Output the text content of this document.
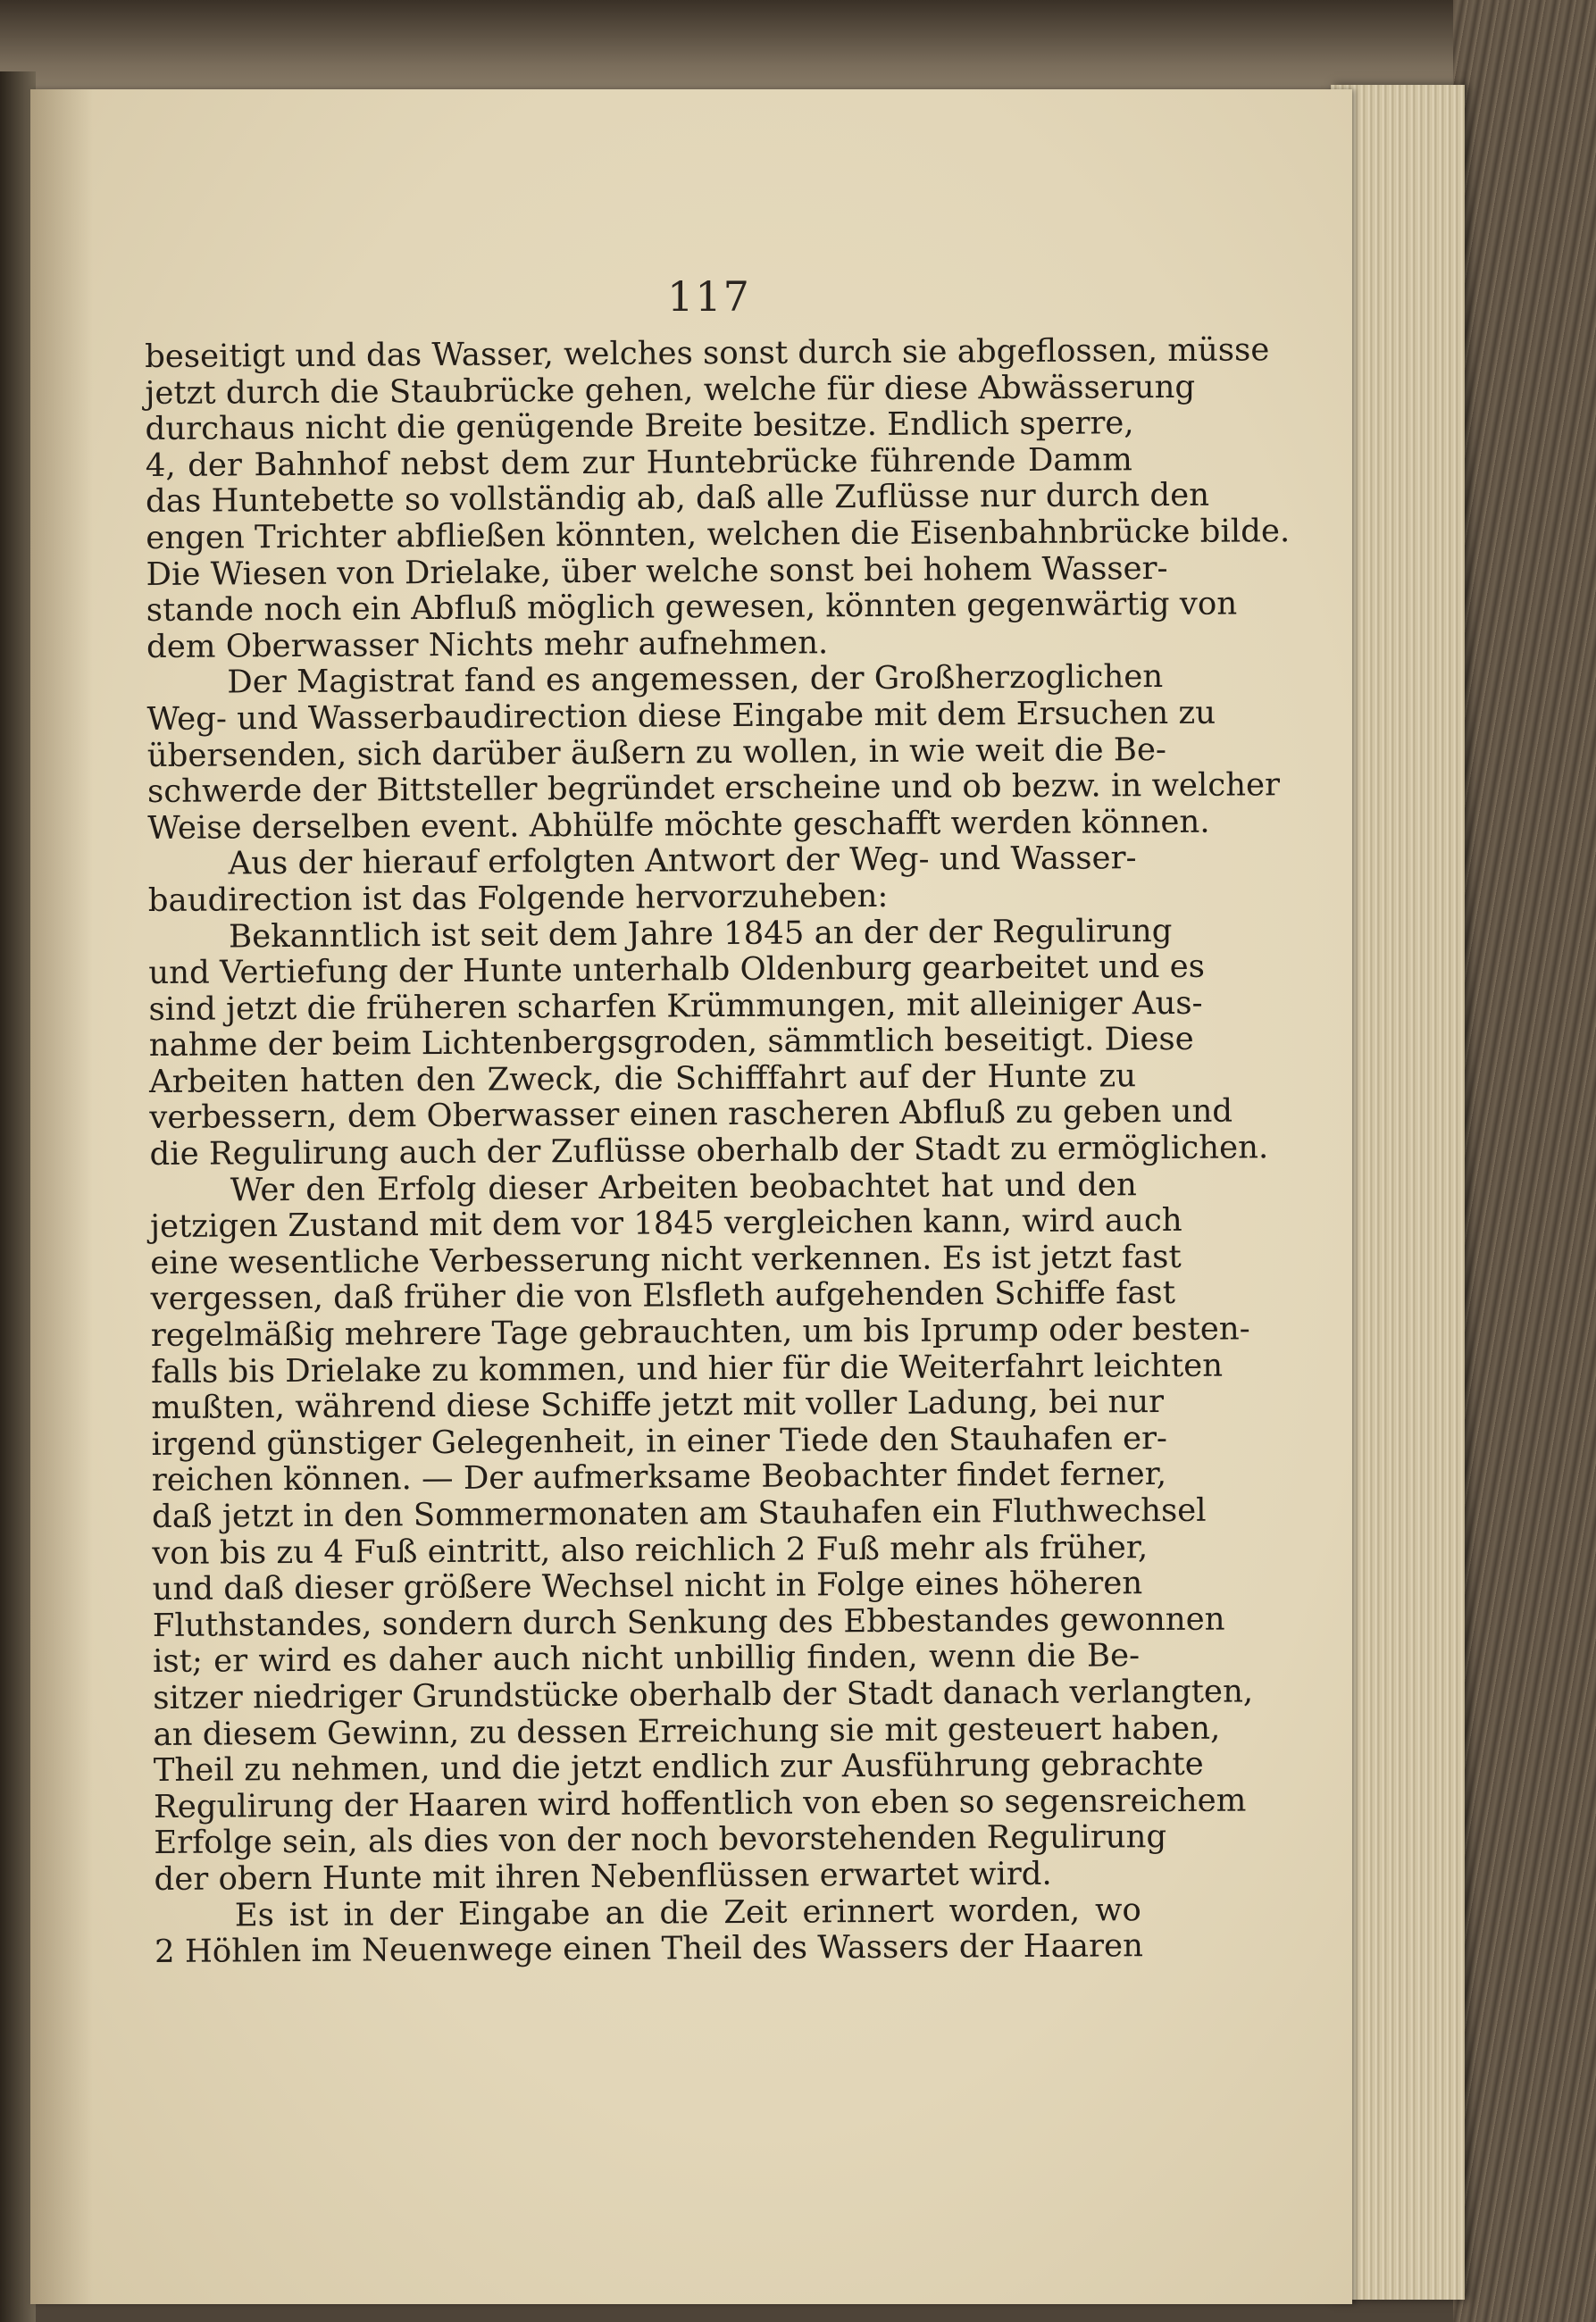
117
beseitigt und das Wasser, welches sonst durch sie abgeflossen, müsse
jetzt durch die Staubrücke gehen, welche für diese Abwässerung
durchaus nicht die genügende Breite besitze. Endlich sperre,
4, der Bahnhof nebst dem zur Huntebrücke führende Damm
das Huntebette so vollständig ab, daß alle Zuflüsse nur durch den
engen Trichter abfließen könnten, welchen die Eisenbahnbrücke bilde.
Die Wiesen von Drielake, über welche sonst bei hohem Wasser-
stande noch ein Abfluß möglich gewesen, könnten gegenwärtig von
dem Oberwasser Nichts mehr aufnehmen.
Der Magistrat fand es angemessen, der Großherzoglichen
Weg- und Wasserbaudirection diese Eingabe mit dem Ersuchen zu
übersenden, sich darüber äußern zu wollen, in wie weit die Be-
schwerde der Bittsteller begründet erscheine und ob bezw. in welcher
Weise derselben event. Abhülfe möchte geschafft werden können.
Aus der hierauf erfolgten Antwort der Weg- und Wasser-
baudirection ist das Folgende hervorzuheben:
Bekanntlich ist seit dem Jahre 1845 an der der Regulirung
und Vertiefung der Hunte unterhalb Oldenburg gearbeitet und es
sind jetzt die früheren scharfen Krümmungen, mit alleiniger Aus-
nahme der beim Lichtenbergsgroden, sämmtlich beseitigt. Diese
Arbeiten hatten den Zweck, die Schifffahrt auf der Hunte zu
verbessern, dem Oberwasser einen rascheren Abfluß zu geben und
die Regulirung auch der Zuflüsse oberhalb der Stadt zu ermöglichen.
Wer den Erfolg dieser Arbeiten beobachtet hat und den
jetzigen Zustand mit dem vor 1845 vergleichen kann, wird auch
eine wesentliche Verbesserung nicht verkennen. Es ist jetzt fast
vergessen, daß früher die von Elsfleth aufgehenden Schiffe fast
regelmäßig mehrere Tage gebrauchten, um bis Iprump oder besten-
falls bis Drielake zu kommen, und hier für die Weiterfahrt leichten
mußten, während diese Schiffe jetzt mit voller Ladung, bei nur
irgend günstiger Gelegenheit, in einer Tiede den Stauhafen er-
reichen können. — Der aufmerksame Beobachter findet ferner,
daß jetzt in den Sommermonaten am Stauhafen ein Fluthwechsel
von bis zu 4 Fuß eintritt, also reichlich 2 Fuß mehr als früher,
und daß dieser größere Wechsel nicht in Folge eines höheren
Fluthstandes, sondern durch Senkung des Ebbestandes gewonnen
ist; er wird es daher auch nicht unbillig finden, wenn die Be-
sitzer niedriger Grundstücke oberhalb der Stadt danach verlangten,
an diesem Gewinn, zu dessen Erreichung sie mit gesteuert haben,
Theil zu nehmen, und die jetzt endlich zur Ausführung gebrachte
Regulirung der Haaren wird hoffentlich von eben so segensreichem
Erfolge sein, als dies von der noch bevorstehenden Regulirung
der obern Hunte mit ihren Nebenflüssen erwartet wird.
Es ist in der Eingabe an die Zeit erinnert worden, wo
2 Höhlen im Neuenwege einen Theil des Wassers der Haaren
